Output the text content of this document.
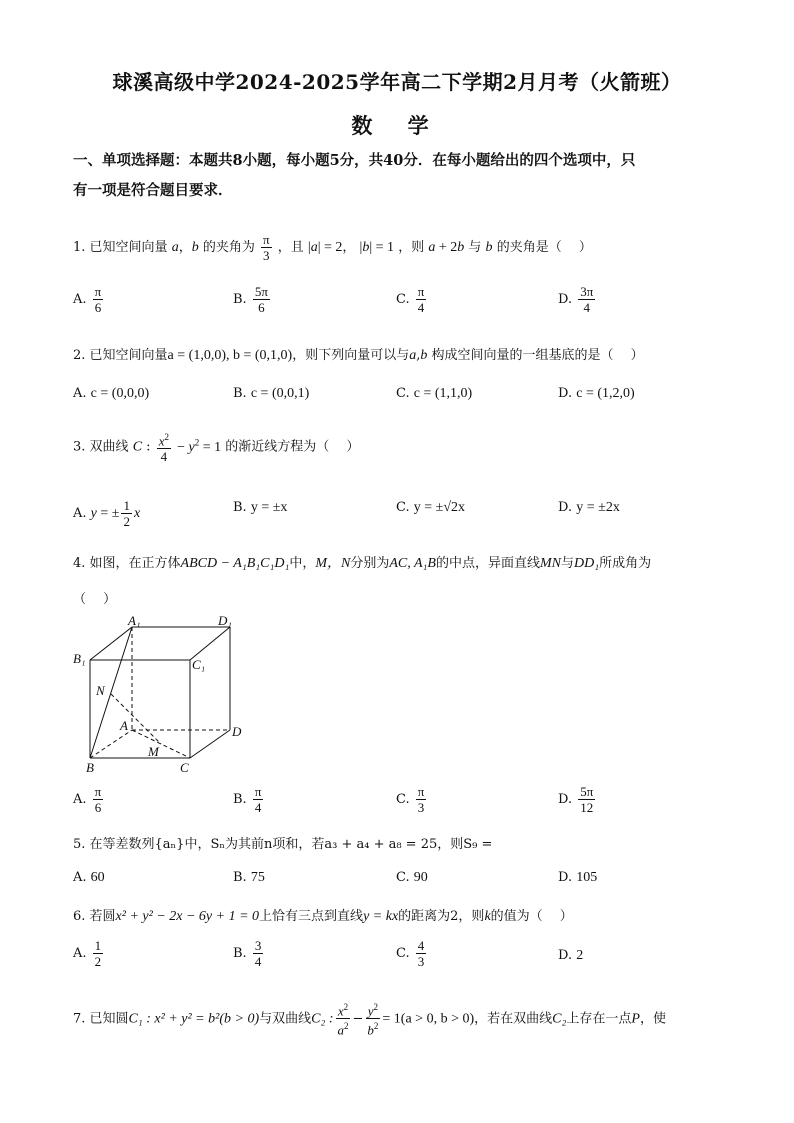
球溪高级中学2024-2025学年高二下学期2月月考（火箭班）
数 学
一、单项选择题：本题共8小题，每小题5分，共40分．在每小题给出的四个选项中，只
有一项是符合题目要求．
1. 已知空间向量 a，b 的夹角为 $\frac{\pi}{3}$ ，且 |a| = 2， |b| = 1 ，则 a + 2b 与 b 的夹角是（　 ）
A. $\frac{\pi}{6}$	B. $\frac{5\pi}{6}$	C. $\frac{\pi}{4}$	D. $\frac{3\pi}{4}$
2. 已知空间向量a = (1,0,0), b = (0,1,0)，则下列向量可以与a,b 构成空间向量的一组基底的是（　 ）
A. c = (0,0,0)	B. c = (0,0,1)	C. c = (1,1,0)	D. c = (1,2,0)
3. 双曲线 C : $\frac{x^2}{4} - y^2 = 1$ 的渐近线方程为（　 ）
A. y = ± $\frac{1}{2}$ x	B. y = ±x	C. y = ±√2x	D. y = ±2x
4. 如图，在正方体ABCD − A₁B₁C₁D₁中，M，N分别为AC, A₁B的中点，异面直线MN与DD₁所成角为
（　 ）
A₁	D₁
B₁	C₁
N
A	D
M
B	C
A. $\frac{\pi}{6}$	B. $\frac{\pi}{4}$	C. $\frac{\pi}{3}$	D. $\frac{5\pi}{12}$
5. 在等差数列{aₙ}中，Sₙ为其前n项和，若a₃ + a₄ + a₈ = 25，则S₉ =
A. 60	B. 75	C. 90	D. 105
6. 若圆x² + y² − 2x − 6y + 1 = 0上恰有三点到直线y = kx的距离为2，则k的值为（　 ）
A. $\frac{1}{2}$	B. $\frac{3}{4}$	C. $\frac{4}{3}$	D. 2
7. 已知圆C₁ : x² + y² = b²(b > 0)与双曲线C₂ : $\frac{x^2}{a^2} - \frac{y^2}{b^2} = 1(a > 0$, b > 0)，若在双曲线C₂上存在一点P，使
